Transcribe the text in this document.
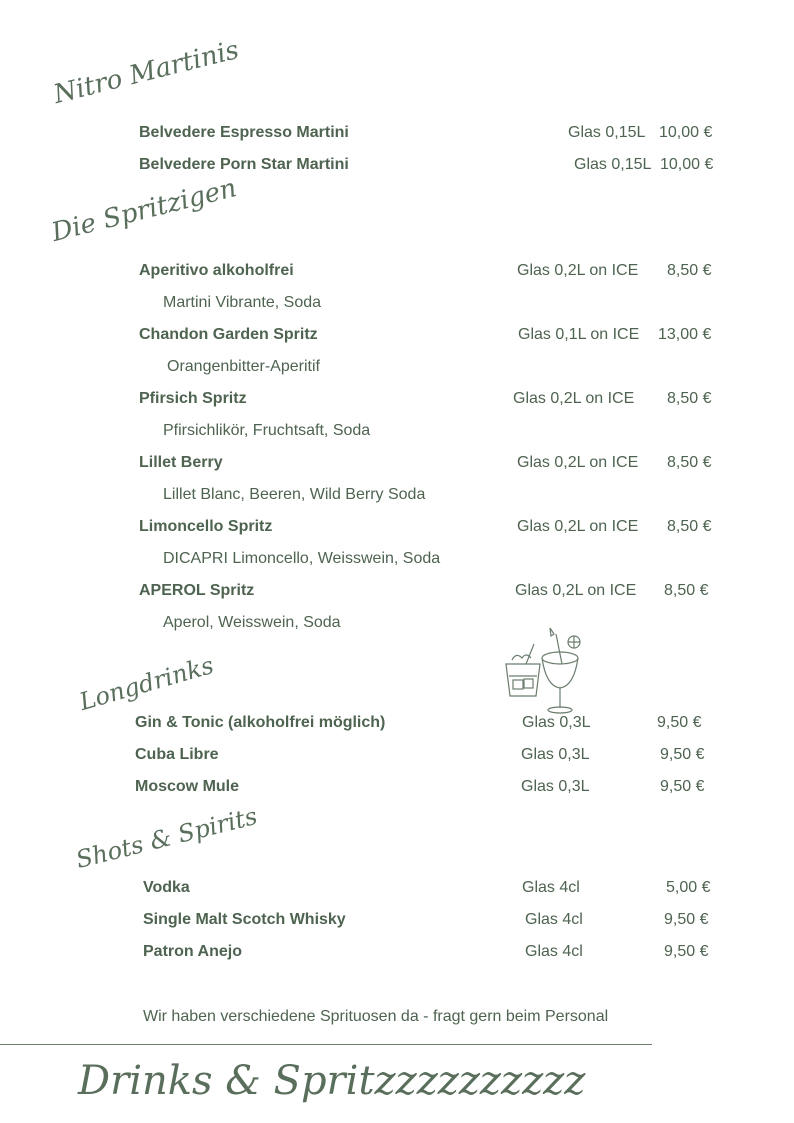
Nitro Martinis
Belvedere Espresso Martini	Glas 0,15L 10,00 €
Belvedere Porn Star Martini	Glas 0,15L 10,00 €
Die Spritzigen
Aperitivo alkoholfrei	Glas 0,2L on ICE 8,50 €
Martini Vibrante, Soda
Chandon Garden Spritz	Glas 0,1L on ICE 13,00 €
Orangenbitter-Aperitif
Pfirsich Spritz	Glas 0,2L on ICE 8,50 €
Pfirsichlikör, Fruchtsaft, Soda
Lillet Berry	Glas 0,2L on ICE 8,50 €
Lillet Blanc, Beeren, Wild Berry Soda
Limoncello Spritz	Glas 0,2L on ICE 8,50 €
DICAPRI Limoncello, Weisswein, Soda
APEROL Spritz	Glas 0,2L on ICE 8,50 €
Aperol, Weisswein, Soda
Longdrinks
Gin & Tonic (alkoholfrei möglich)	Glas 0,3L	9,50 €
Cuba Libre	Glas 0,3L	9,50 €
Moscow Mule	Glas 0,3L	9,50 €
Shots & Spirits
Vodka	Glas 4cl	5,00 €
Single Malt Scotch Whisky	Glas 4cl	9,50 €
Patron Anejo	Glas 4cl	9,50 €
Wir haben verschiedene Sprituosen da - fragt gern beim Personal
Drinks & Spritzzzzzzzzzz
